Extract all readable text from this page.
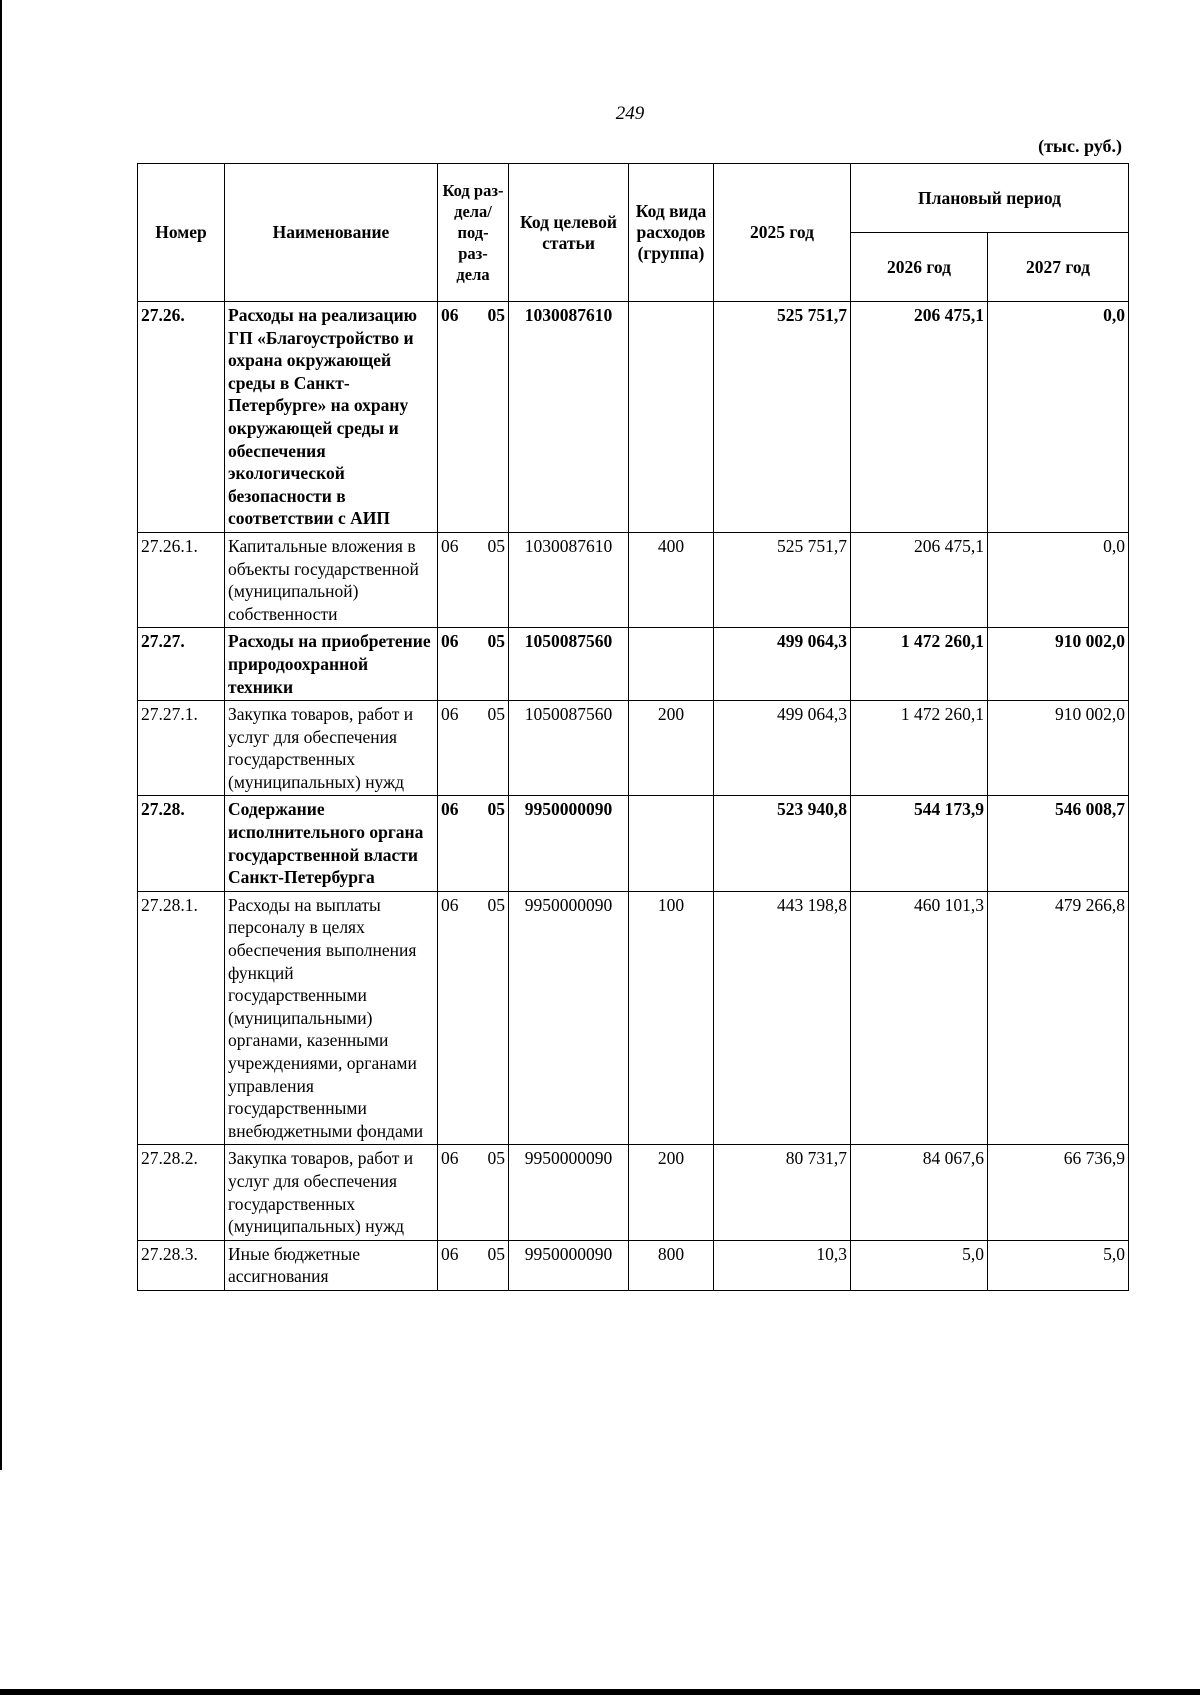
249
(тыс. руб.)
Номер	Наименование	Код раз- дела/ под- раз- дела	Код целевой статьи	Код вида расходов (группа)	2025 год	Плановый период	
						2026 год	2027 год
27.26.	Расходы на реализацию ГП «Благоустройство и охрана окружающей среды в Санкт-Петербурге» на охрану окружающей среды и обеспечения экологической безопасности в соответствии с АИП	06 05	1030087610		525 751,7	206 475,1	0,0
27.26.1.	Капитальные вложения в объекты государственной (муниципальной) собственности	06 05	1030087610	400	525 751,7	206 475,1	0,0
27.27.	Расходы на приобретение природоохранной техники	06 05	1050087560		499 064,3	1 472 260,1	910 002,0
27.27.1.	Закупка товаров, работ и услуг для обеспечения государственных (муниципальных) нужд	06 05	1050087560	200	499 064,3	1 472 260,1	910 002,0
27.28.	Содержание исполнительного органа государственной власти Санкт-Петербурга	06 05	9950000090		523 940,8	544 173,9	546 008,7
27.28.1.	Расходы на выплаты персоналу в целях обеспечения выполнения функций государственными (муниципальными) органами, казенными учреждениями, органами управления государственными внебюджетными фондами	06 05	9950000090	100	443 198,8	460 101,3	479 266,8
27.28.2.	Закупка товаров, работ и услуг для обеспечения государственных (муниципальных) нужд	06 05	9950000090	200	80 731,7	84 067,6	66 736,9
27.28.3.	Иные бюджетные ассигнования	06 05	9950000090	800	10,3	5,0	5,0
